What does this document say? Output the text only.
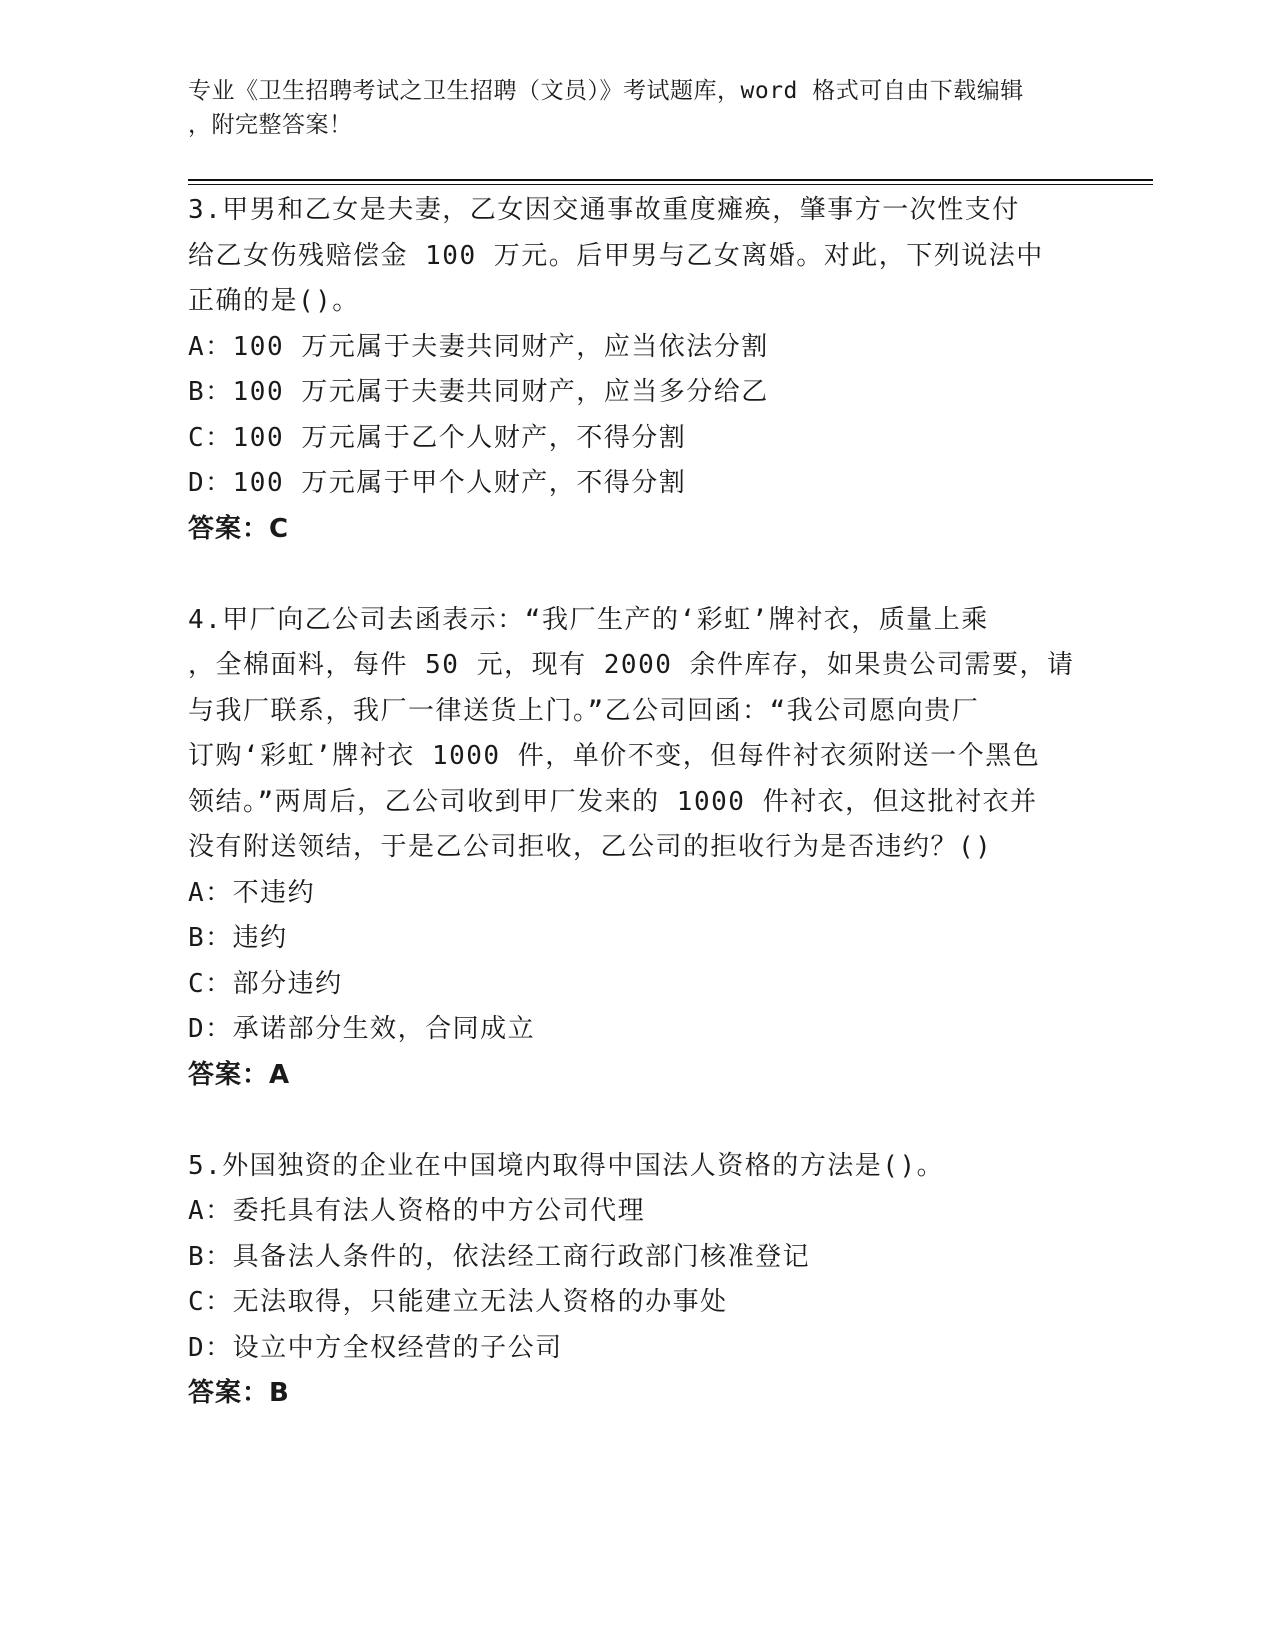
专业《卫生招聘考试之卫生招聘（文员）》考试题库，word 格式可自由下载编辑
，附完整答案！
3.甲男和乙女是夫妻，乙女因交通事故重度瘫痪，肇事方一次性支付
给乙女伤残赔偿金 100 万元。后甲男与乙女离婚。对此，下列说法中
正确的是()。
A：100 万元属于夫妻共同财产，应当依法分割
B：100 万元属于夫妻共同财产，应当多分给乙
C：100 万元属于乙个人财产，不得分割
D：100 万元属于甲个人财产，不得分割
答案：C
4.甲厂向乙公司去函表示：“我厂生产的‘彩虹’牌衬衣，质量上乘
，全棉面料，每件 50 元，现有 2000 余件库存，如果贵公司需要，请
与我厂联系，我厂一律送货上门。”乙公司回函：“我公司愿向贵厂
订购‘彩虹’牌衬衣 1000 件，单价不变，但每件衬衣须附送一个黑色
领结。”两周后，乙公司收到甲厂发来的 1000 件衬衣，但这批衬衣并
没有附送领结，于是乙公司拒收，乙公司的拒收行为是否违约？()
A：不违约
B：违约
C：部分违约
D：承诺部分生效，合同成立
答案：A
5.外国独资的企业在中国境内取得中国法人资格的方法是()。
A：委托具有法人资格的中方公司代理
B：具备法人条件的，依法经工商行政部门核准登记
C：无法取得，只能建立无法人资格的办事处
D：设立中方全权经营的子公司
答案：B
